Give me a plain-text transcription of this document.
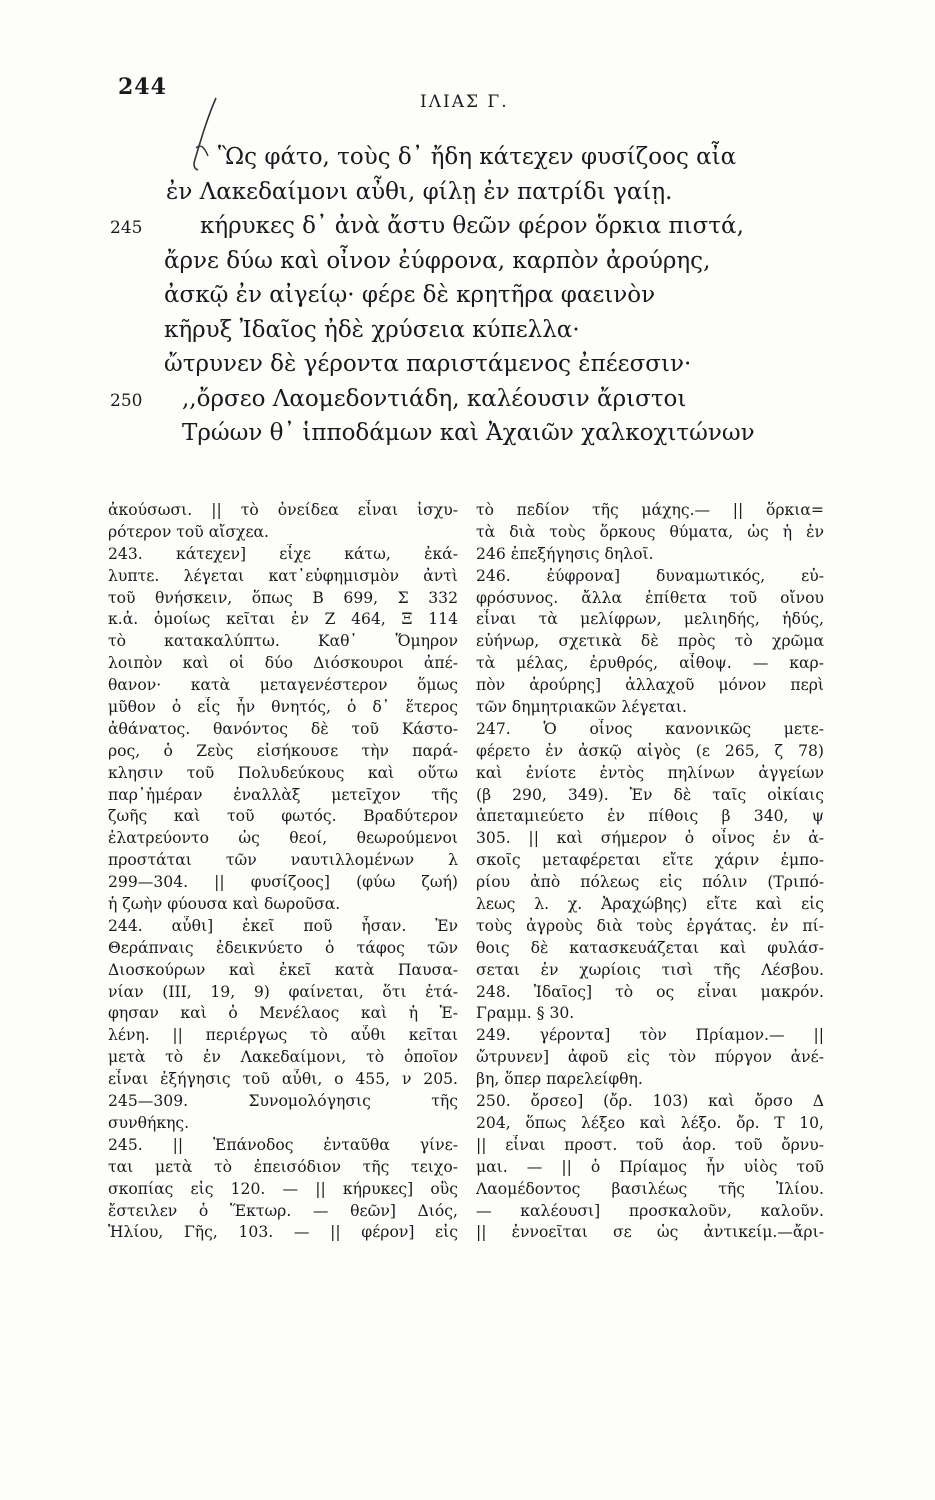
244
ΙΛΙΑΣ Γ.
Ὣς φάτο, τοὺς δ᾽ ἤδη κάτεχεν φυσίζοος αἶα
ἐν Λακεδαίμονι αὖθι, φίλῃ ἐν πατρίδι γαίῃ.
245	κήρυκες δ᾽ ἀνὰ ἄστυ θεῶν φέρον ὅρκια πιστά,
ἄρνε δύω καὶ οἶνον ἐύφρονα, καρπὸν ἀρούρης,
ἀσκῷ ἐν αἰγείῳ· φέρε δὲ κρητῆρα φαεινὸν
κῆρυξ Ἰδαῖος ἠδὲ χρύσεια κύπελλα·
ὤτρυνεν δὲ γέροντα παριστάμενος ἐπέεσσιν·
250 ,,ὄρσεο Λαομεδοντιάδη, καλέουσιν ἄριστοι
Τρώων θ᾽ ἱπποδάμων καὶ Ἀχαιῶν χαλκοχιτώνων
ἀκούσωσι. || τὸ ὀνείδεα εἶναι ἰσχυ-
ρότερον τοῦ αἴσχεα.
243. κάτεχεν] εἶχε κάτω, ἐκά-
λυπτε. λέγεται κατ᾽εὐφημισμὸν ἀντὶ
τοῦ θνήσκειν, ὅπως Β 699, Σ 332
κ.ἀ. ὁμοίως κεῖται ἐν Ζ 464, Ξ 114
τὸ κατακαλύπτω. Καθ᾽ Ὅμηρον
λοιπὸν καὶ οἱ δύο Διόσκουροι ἀπέ-
θανον· κατὰ μεταγενέστερον ὅμως
μῦθον ὁ εἷς ἦν θνητός, ὁ δ᾽ ἕτερος
ἀθάνατος. θανόντος δὲ τοῦ Κάστο-
ρος, ὁ Ζεὺς εἰσήκουσε τὴν παρά-
κλησιν τοῦ Πολυδεύκους καὶ οὕτω
παρ᾽ἡμέραν ἐναλλὰξ μετεῖχον τῆς
ζωῆς καὶ τοῦ φωτός. Βραδύτερον
ἐλατρεύοντο ὡς θεοί, θεωρούμενοι
προστάται τῶν ναυτιλλομένων λ
299—304. || φυσίζοος] (φύω ζωή)
ἡ ζωὴν φύουσα καὶ δωροῦσα.
244. αὖθι] ἐκεῖ ποῦ ἦσαν. Ἐν
Θεράπναις ἐδεικνύετο ὁ τάφος τῶν
Διοσκούρων καὶ ἐκεῖ κατὰ Παυσα-
νίαν (III, 19, 9) φαίνεται, ὅτι ἐτά-
φησαν καὶ ὁ Μενέλαος καὶ ἡ Ἑ-
λένη. || περιέργως τὸ αὖθι κεῖται
μετὰ τὸ ἐν Λακεδαίμονι, τὸ ὁποῖον
εἶναι ἐξήγησις τοῦ αὖθι, ο 455, ν 205.
245—309. Συνομολόγησις τῆς
συνθήκης.
245. || Ἐπάνοδος ἐνταῦθα γίνε-
ται μετὰ τὸ ἐπεισόδιον τῆς τειχο-
σκοπίας εἰς 120. — || κήρυκες] οὓς
ἔστειλεν ὁ Ἕκτωρ. — θεῶν] Διός,
Ἡλίου, Γῆς, 103. — || φέρον] εἰς
τὸ πεδίον τῆς μάχης.— || ὅρκια=
τὰ διὰ τοὺς ὅρκους θύματα, ὡς ἡ ἐν
246 ἐπεξήγησις δηλοῖ.
246. ἐύφρονα] δυναμωτικός, εὐ-
φρόσυνος. ἄλλα ἐπίθετα τοῦ οἴνου
εἶναι τὰ μελίφρων, μελιηδής, ἡδύς,
εὐήνωρ, σχετικὰ δὲ πρὸς τὸ χρῶμα
τὰ μέλας, ἐρυθρός, αἶθοψ. — καρ-
πὸν ἀρούρης] ἀλλαχοῦ μόνον περὶ
τῶν δημητριακῶν λέγεται.
247. Ὁ οἶνος κανονικῶς μετε-
φέρετο ἐν ἀσκῷ αἰγὸς (ε 265, ζ 78)
καὶ ἐνίοτε ἐντὸς πηλίνων ἀγγείων
(β 290, 349). Ἐν δὲ ταῖς οἰκίαις
ἀπεταμιεύετο ἐν πίθοις β 340, ψ
305. || καὶ σήμερον ὁ οἶνος ἐν ἀ-
σκοῖς μεταφέρεται εἴτε χάριν ἐμπο-
ρίου ἀπὸ πόλεως εἰς πόλιν (Τριπό-
λεως λ. χ. Ἀραχώβης) εἴτε καὶ εἰς
τοὺς ἀγροὺς διὰ τοὺς ἐργάτας. ἐν πί-
θοις δὲ κατασκευάζεται καὶ φυλάσ-
σεται ἐν χωρίοις τισὶ τῆς Λέσβου.
248. Ἰδαῖος] τὸ ος εἶναι μακρόν.
Γραμμ. § 30.
249. γέροντα] τὸν Πρίαμον.— ||
ὤτρυνεν] ἀφοῦ εἰς τὸν πύργον ἀνέ-
βη, ὅπερ παρελείφθη.
250. ὄρσεο] (ὄρ. 103) καὶ ὄρσο Δ
204, ὅπως λέξεο καὶ λέξο. ὄρ. Τ 10,
|| εἶναι προστ. τοῦ ἀορ. τοῦ ὄρνυ-
μαι. — || ὁ Πρίαμος ἦν υἱὸς τοῦ
Λαομέδοντος βασιλέως τῆς Ἰλίου.
— καλέουσι] προσκαλοῦν, καλοῦν.
|| ἐννοεῖται σε ὡς ἀντικείμ.—ἄρι-
